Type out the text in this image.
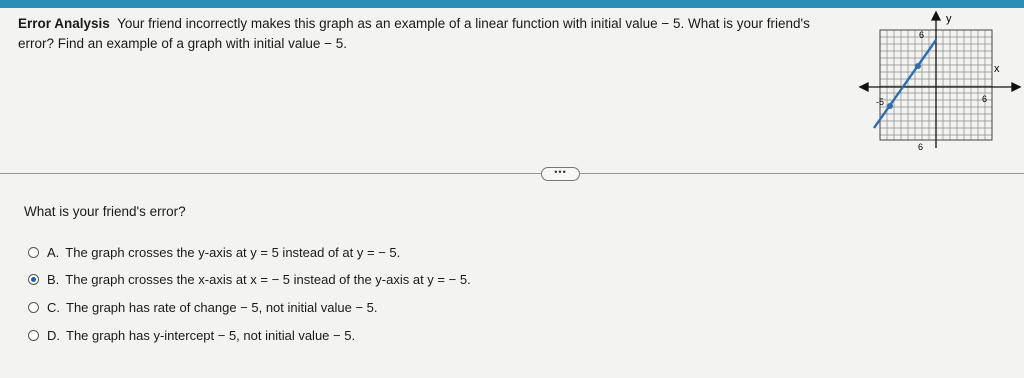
Error Analysis Your friend incorrectly makes this graph as an example of a linear function with initial value − 5. What is your friend's
error? Find an example of a graph with initial value − 5.
y
x
6
6
-5	6
•••
What is your friend's error?
A. The graph crosses the y-axis at y = 5 instead of at y = − 5.
B. The graph crosses the x-axis at x = − 5 instead of the y-axis at y = − 5.
C. The graph has rate of change − 5, not initial value − 5.
D. The graph has y-intercept − 5, not initial value − 5.
